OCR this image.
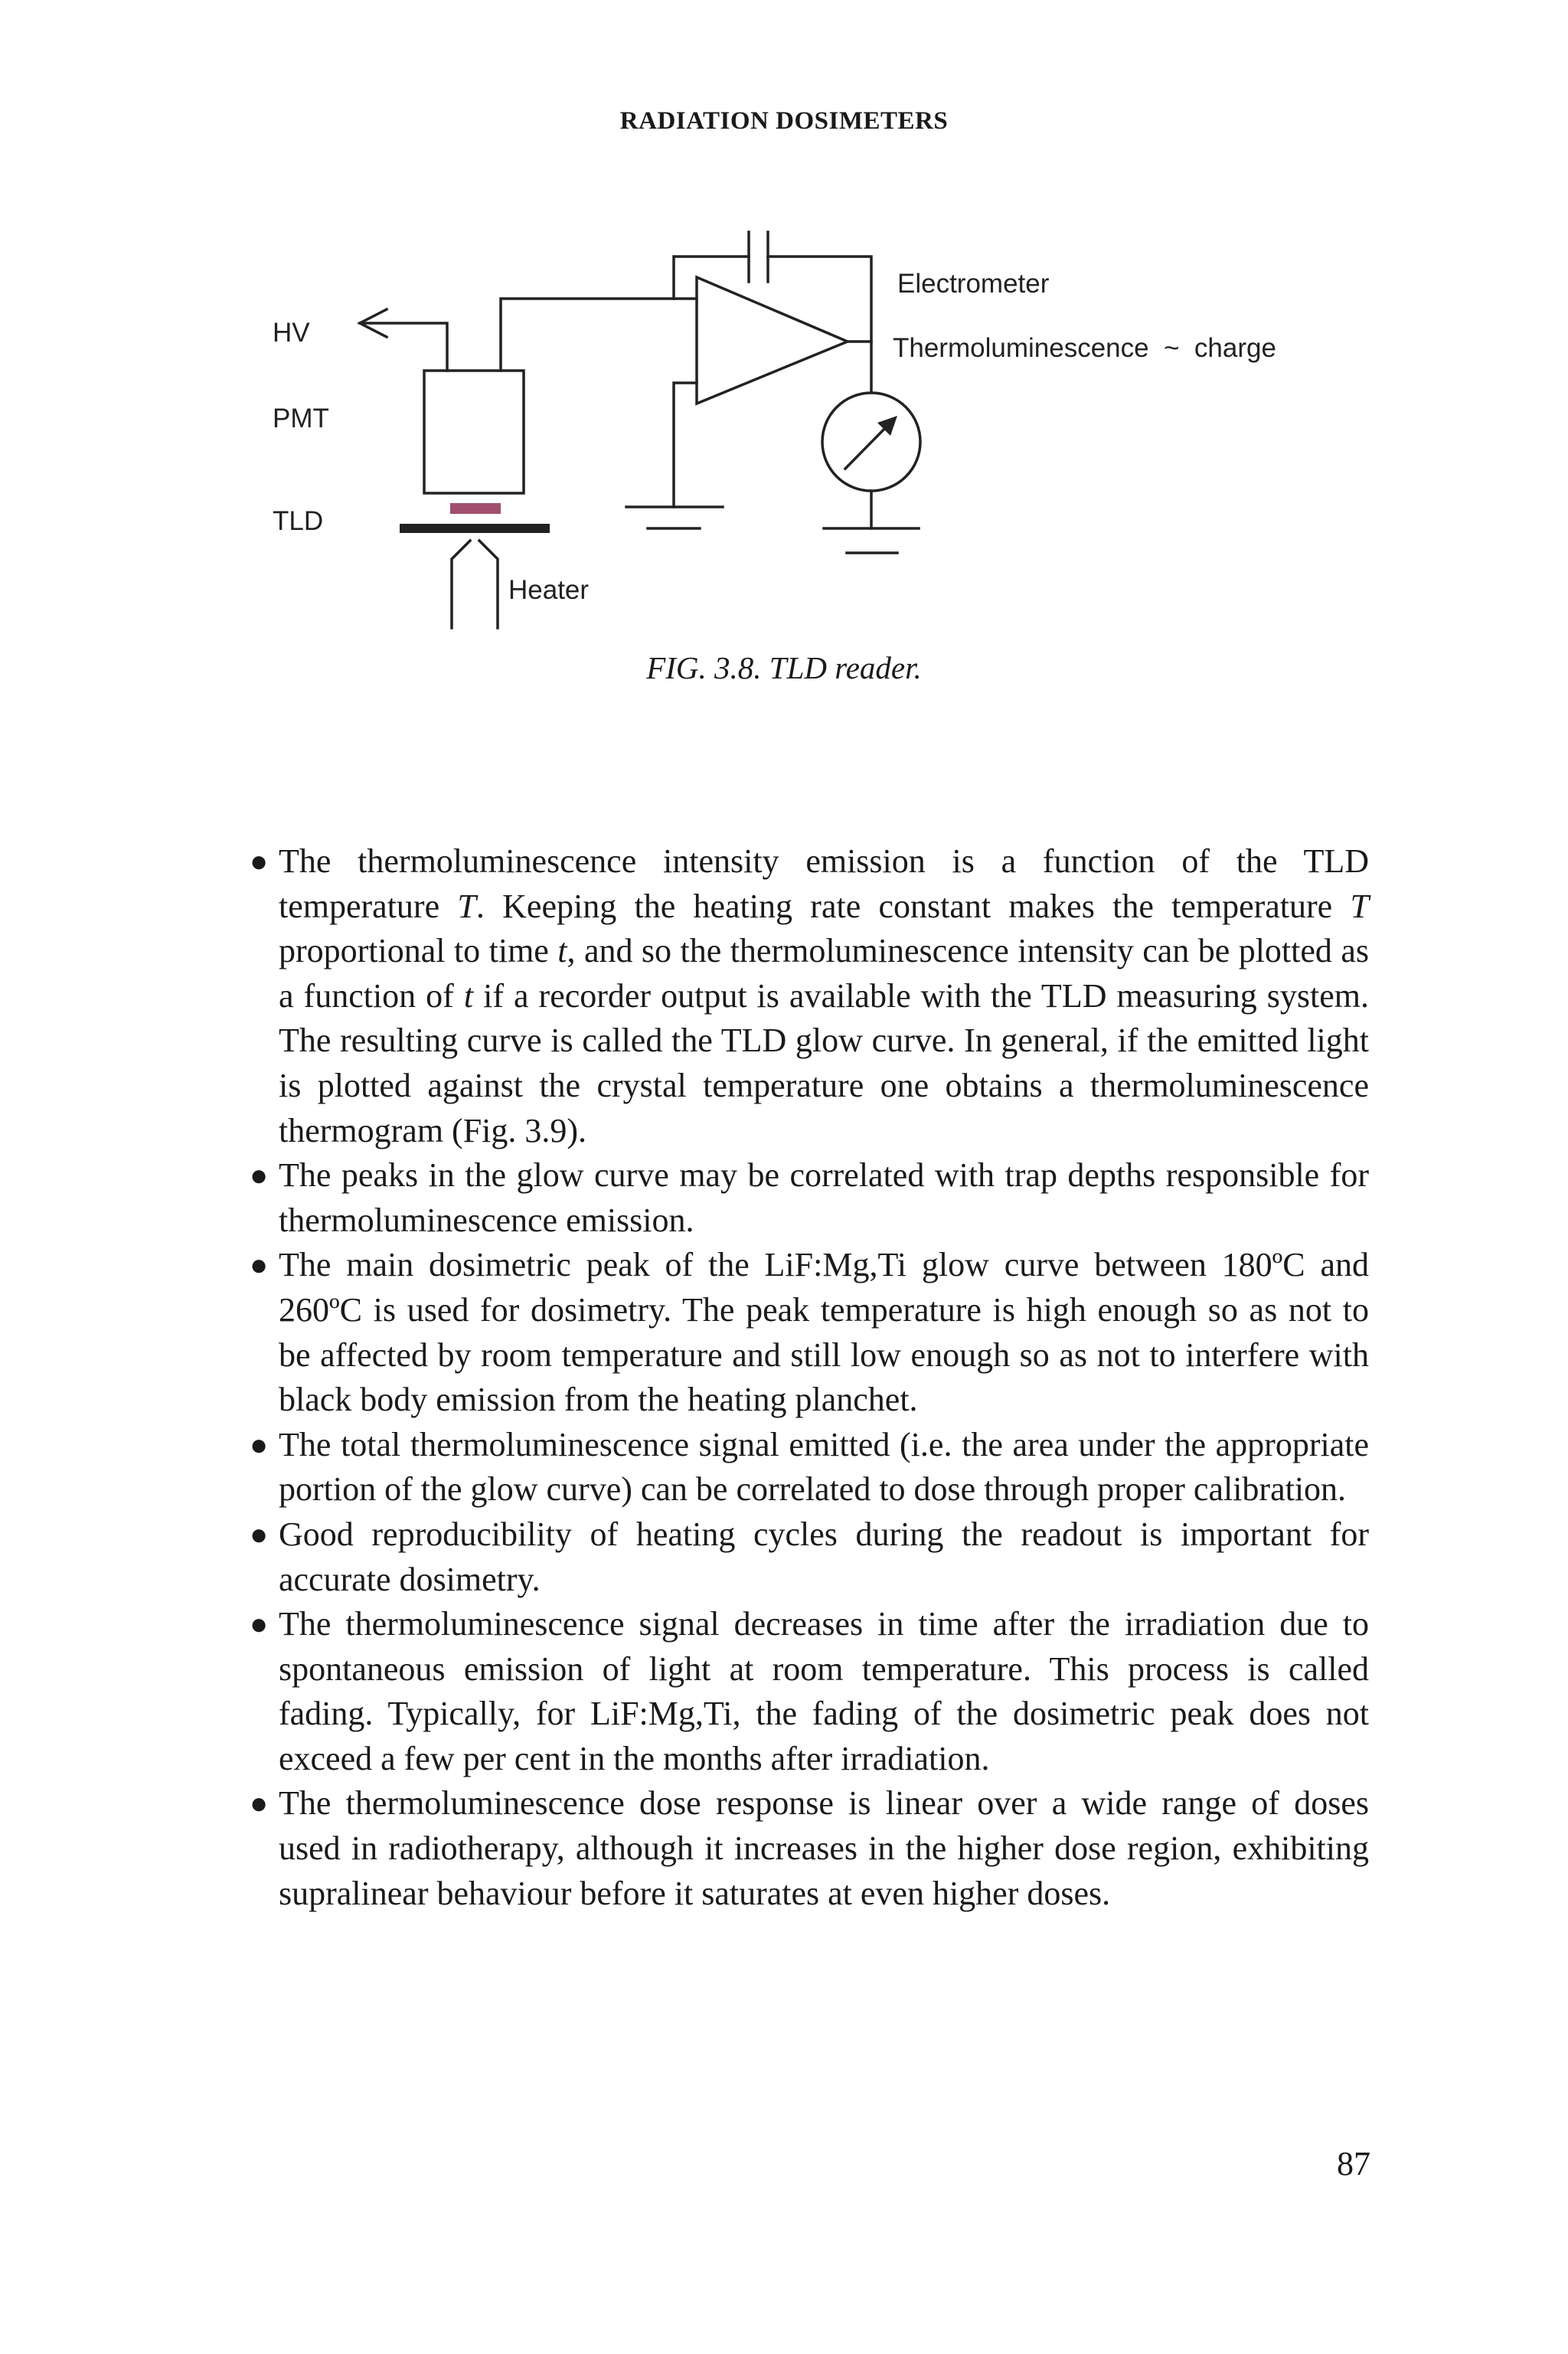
RADIATION DOSIMETERS
HV
PMT
TLD
Heater
Electrometer
Thermoluminescence  ~  charge
FIG. 3.8. TLD reader.
● The thermoluminescence intensity emission is a function of the TLD temperature T. Keeping the heating rate constant makes the temperature T proportional to time t, and so the thermoluminescence intensity can be plotted as a function of t if a recorder output is available with the TLD measuring system. The resulting curve is called the TLD glow curve. In general, if the emitted light is plotted against the crystal temperature one obtains a thermoluminescence thermogram (Fig. 3.9).
● The peaks in the glow curve may be correlated with trap depths responsible for thermoluminescence emission.
● The main dosimetric peak of the LiF:Mg,Ti glow curve between 180ºC and 260ºC is used for dosimetry. The peak temperature is high enough so as not to be affected by room temperature and still low enough so as not to interfere with black body emission from the heating planchet.
● The total thermoluminescence signal emitted (i.e. the area under the appropriate portion of the glow curve) can be correlated to dose through proper calibration.
● Good reproducibility of heating cycles during the readout is important for accurate dosimetry.
● The thermoluminescence signal decreases in time after the irradiation due to spontaneous emission of light at room temperature. This process is called fading. Typically, for LiF:Mg,Ti, the fading of the dosimetric peak does not exceed a few per cent in the months after irradiation.
● The thermoluminescence dose response is linear over a wide range of doses used in radiotherapy, although it increases in the higher dose region, exhibiting supralinear behaviour before it saturates at even higher doses.
87
